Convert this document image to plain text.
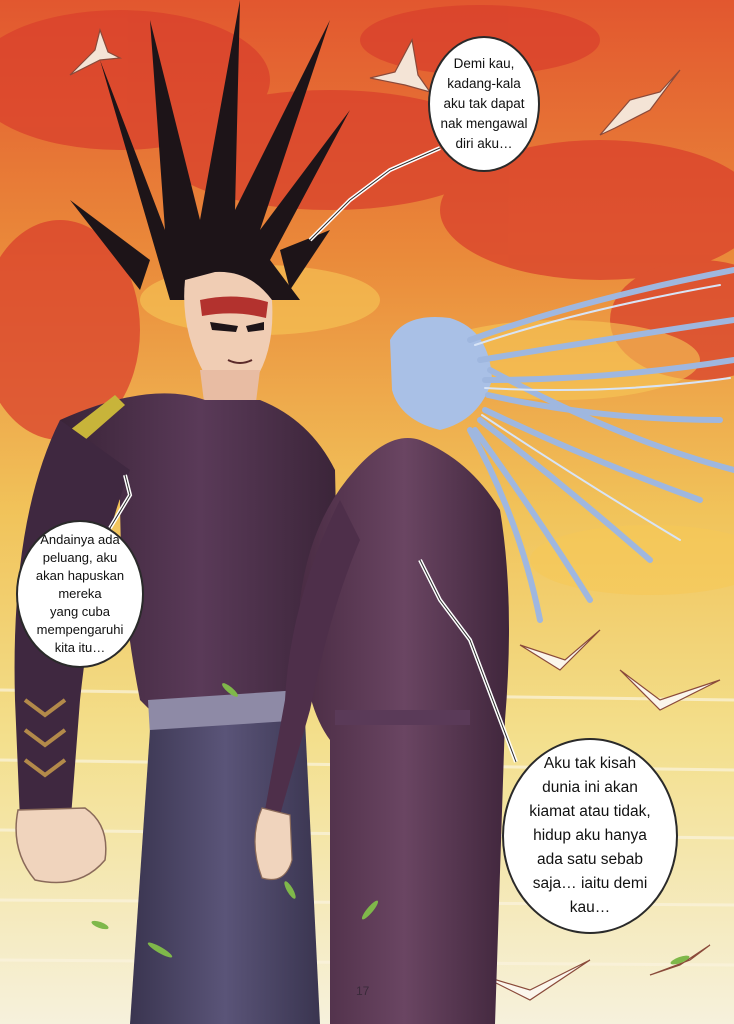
Demi kau,
kadang-kala
aku tak dapat
nak mengawal
diri aku…

Andainya ada
peluang, aku
akan hapuskan
mereka
yang cuba
mempengaruhi
kita itu…

Aku tak kisah
dunia ini akan
kiamat atau tidak,
hidup aku hanya
ada satu sebab
saja… iaitu demi
kau…

17
